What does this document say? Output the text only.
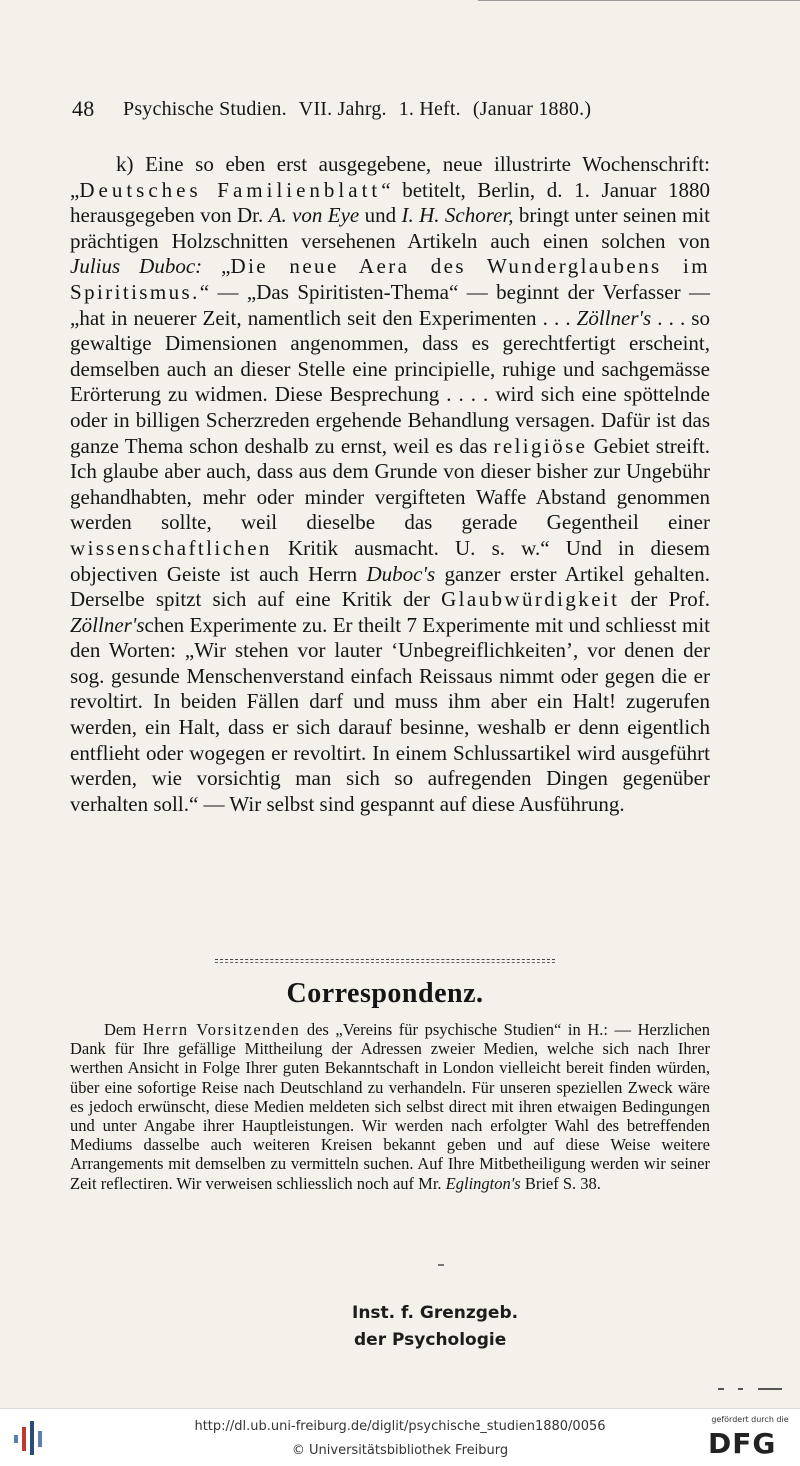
48 Psychische Studien. VII. Jahrg. 1. Heft. (Januar 1880.)
k) Eine so eben erst ausgegebene, neue illustrirte Wochenschrift: „Deutsches Familienblatt“ betitelt, Berlin, d. 1. Januar 1880 herausgegeben von Dr. A. von Eye und I. H. Schorer, bringt unter seinen mit prächtigen Holzschnitten versehenen Artikeln auch einen solchen von Julius Duboc: „Die neue Aera des Wunderglaubens im Spiritismus.“ — „Das Spiritisten-Thema“ — beginnt der Verfasser — „hat in neuerer Zeit, namentlich seit den Experimenten . . . Zöllner's . . . so gewaltige Dimensionen angenommen, dass es gerechtfertigt erscheint, demselben auch an dieser Stelle eine principielle, ruhige und sachgemässe Erörterung zu widmen. Diese Besprechung . . . . wird sich eine spöttelnde oder in billigen Scherzreden ergehende Behandlung versagen. Dafür ist das ganze Thema schon deshalb zu ernst, weil es das religiöse Gebiet streift. Ich glaube aber auch, dass aus dem Grunde von dieser bisher zur Ungebühr gehandhabten, mehr oder minder vergifteten Waffe Abstand genommen werden sollte, weil dieselbe das gerade Gegentheil einer wissenschaftlichen Kritik ausmacht. U. s. w.“ Und in diesem objectiven Geiste ist auch Herrn Duboc's ganzer erster Artikel gehalten. Derselbe spitzt sich auf eine Kritik der Glaubwürdigkeit der Prof. Zöllner'schen Experimente zu. Er theilt 7 Experimente mit und schliesst mit den Worten: „Wir stehen vor lauter ‘Unbegreiflichkeiten’, vor denen der sog. gesunde Menschenverstand einfach Reissaus nimmt oder gegen die er revoltirt. In beiden Fällen darf und muss ihm aber ein Halt! zugerufen werden, ein Halt, dass er sich darauf besinne, weshalb er denn eigentlich entflieht oder wogegen er revoltirt. In einem Schlussartikel wird ausgeführt werden, wie vorsichtig man sich so aufregenden Dingen gegenüber verhalten soll.“ — Wir selbst sind gespannt auf diese Ausführung.
Correspondenz.
Dem Herrn Vorsitzenden des „Vereins für psychische Studien“ in H.: — Herzlichen Dank für Ihre gefällige Mittheilung der Adressen zweier Medien, welche sich nach Ihrer werthen Ansicht in Folge Ihrer guten Bekanntschaft in London vielleicht bereit finden würden, über eine sofortige Reise nach Deutschland zu verhandeln. Für unseren speziellen Zweck wäre es jedoch erwünscht, diese Medien meldeten sich selbst direct mit ihren etwaigen Bedingungen und unter Angabe ihrer Hauptleistungen. Wir werden nach erfolgter Wahl des betreffenden Mediums dasselbe auch weiteren Kreisen bekannt geben und auf diese Weise weitere Arrangements mit demselben zu vermitteln suchen. Auf Ihre Mitbetheiligung werden wir seiner Zeit reflectiren. Wir verweisen schliesslich noch auf Mr. Eglington's Brief S. 38.
Inst. f. Grenzgeb.
der Psychologie
http://dl.ub.uni-freiburg.de/diglit/psychische_studien1880/0056
© Universitätsbibliothek Freiburg
gefördert durch die
DFG
